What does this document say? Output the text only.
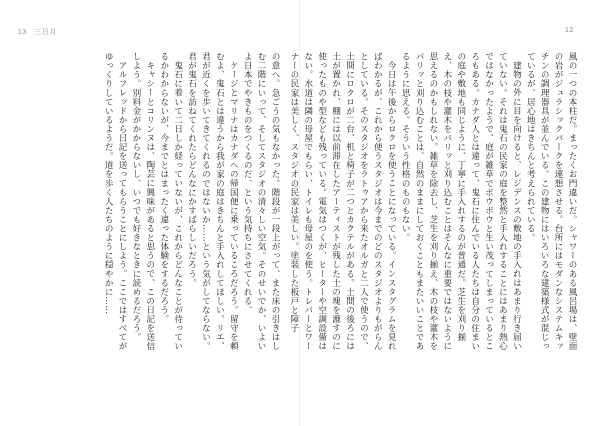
13　三日月	12

風の一つの本柱だ。まったくお門違いだ。シャワーのある風呂場は、壁面の岩がジュラシックパークを連想させる。台所にはモダンなシステムキッチンの調理器具が並んでいる。この建物にはいろいろな建築様式が混じっているが、居心地はきちんと考えられている。

建物の外に目を向けると、レジデンスの敷地の手入れはあまり行き届いていない。それは鬼石の民家の庭を整然と手入れすることにはあまり熱心ではなかったようで、庭が雑草でボウボウと生い茂ってしまっているところもある。カナダ人とは違って、鬼石に住んでいる人たちは自分の住まいの庭や敷地も同じように、丁寧に手入れするのが普通だ。芝生を刈り揃え、木の枝や灌木をバリッと刈り込むことはそんなに重要ではないように思えるのかもしれない。雑草を除去し、芝生を刈り揃え、木の枝や灌木をパリッと刈り込むことは、自然のままにしておくこともまたいいことであるように思える。そういう性格のものもない。

今日は午後からロクロを使うことになっている。インスタグラムを見ればわかるが、これから使うスタジオは今までのどのスタジオよりもがらんとしている。そのスタジオをラトゥアから来たオルガと二人で使うので、土間にロクロが二台、机と椅子が二つとカクテルがある。土間の後ろには土が置かれ、棚には以前滞在したアーティストが残した土の塊を漉すのに使ったものや型なども残っている。電気はつくが、ヒーターや空調設備はない。水道は隣の母屋でもらい、トイレも母屋のを使う。トレバーとワーナーの民家は美しく、スタジオの民家は美しい。塗装した板戸と障子

の意へ。急ごうの気もなかった。階段が一段上がって、また床の引きはしむ二階にいって、そしてスタジオの清々しい空気。そのせいでか、いよいよ日本でやきものをつくるのだ、という気持ちにさせてくれる。

ケージとマリナはカナダへの帰国便に乗っているころだろう。留守を頼むよ、鬼石とは違うから我が家の庭はきちんと手入れしてほしい。リエ、君が近くを歩いてきてくれるのではないか……という気がしてならない。君が鬼石を訪ねてくれたらどんなにかすばらしいだろう。

鬼石に着いて二日しか経っていないが、これからどんなことが待っているかわからないが、今までとはまったく違った体験をするだろう。

キャシーとコリンヌは、陶芸に興味があると思うので、この日記を送信しよう。別料金がかからないし、いつでも好きなときに読めるだろう。

アルフレッドから日記を送ってもらうことにしよう。ここではすべてがゆっくりしているようだ。道を歩く人たちのように穏やかに……
